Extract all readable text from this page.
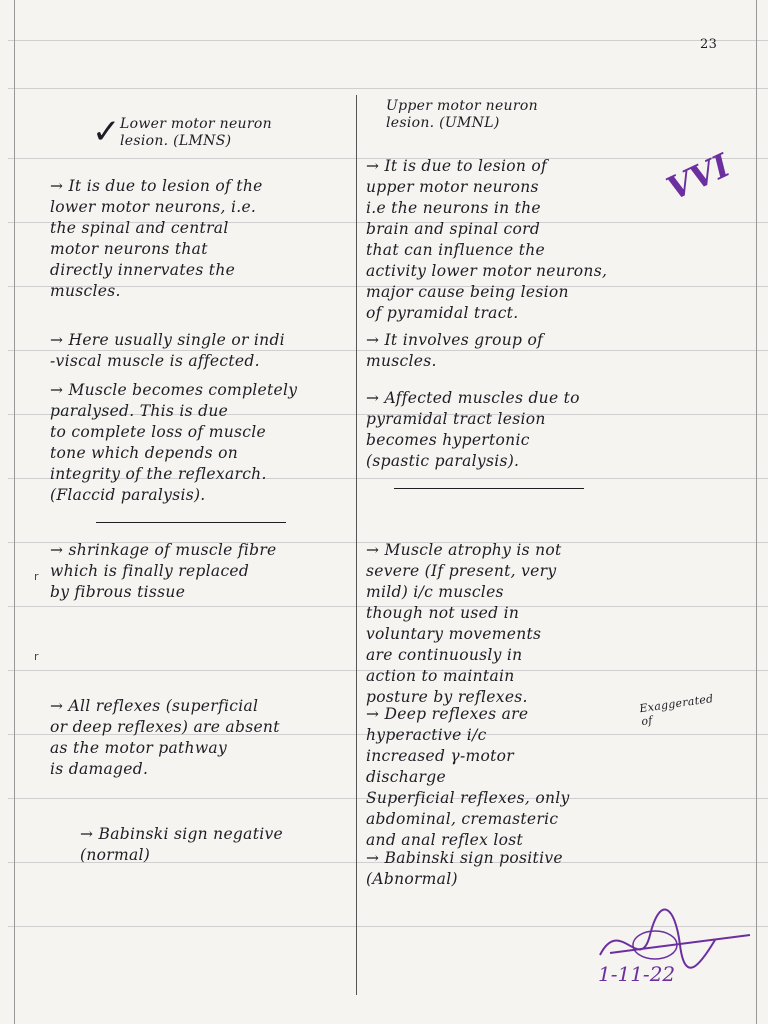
23
✓
r
r
Lower motor neuron
lesion. (LMNS)
Upper motor neuron
lesion. (UMNL)
→ It is due to lesion of the
lower motor neurons, i.e.
the spinal and central
motor neurons that
directly innervates the
muscles.
→ Here usually single or indi
-viscal muscle is affected.
→ Muscle becomes completely
paralysed. This is due
to complete loss of muscle
tone which depends on
integrity of the reflexarch.
(Flaccid paralysis).
→ shrinkage of muscle fibre
which is finally replaced
by fibrous tissue
→ All reflexes (superficial
or deep reflexes) are absent
as the motor pathway
is damaged.
→ Babinski sign negative
(normal)
→ It is due to lesion of
upper motor neurons
i.e the neurons in the
brain and spinal cord
that can influence the
activity lower motor neurons,
major cause being lesion
of pyramidal tract.
→ It involves group of
muscles.
→ Affected muscles due to
pyramidal tract lesion
becomes hypertonic
(spastic paralysis).
→ Muscle atrophy is not
severe (If present, very
mild) i/c muscles
though not used in
voluntary movements
are continuously in
action to maintain
posture by reflexes.
→ Deep reflexes are
hyperactive i/c
increased γ-motor
discharge
Superficial reflexes, only
abdominal, cremasteric
and anal reflex lost
Exaggerated
of
→ Babinski sign positive
(Abnormal)
VVI
1-11-22
